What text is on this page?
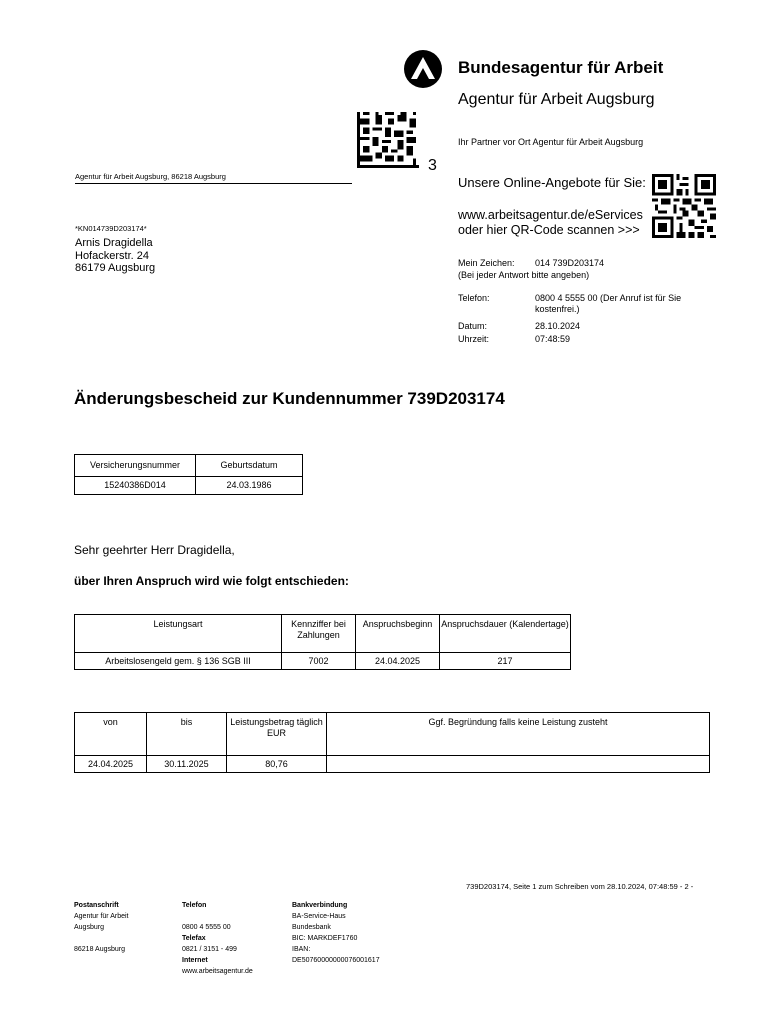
Bundesagentur für Arbeit
Agentur für Arbeit Augsburg
3
Ihr Partner vor Ort Agentur für Arbeit Augsburg
Unsere Online-Angebote für Sie:
www.arbeitsagentur.de/eServices
oder hier QR-Code scannen >>>
Agentur für Arbeit Augsburg, 86218 Augsburg
*KN014739D203174*
Arnis Dragidella
Hofackerstr. 24
86179 Augsburg	Mein Zeichen: 014 739D203174
(Bei jeder Antwort bitte angeben)
Telefon:	0800 4 5555 00 (Der Anruf ist für Sie
kostenfrei.)
Datum:	28.10.2024
Uhrzeit:	07:48:59
Änderungsbescheid zur Kundennummer 739D203174
Versicherungsnummer	Geburtsdatum
15240386D014	24.03.1986
Sehr geehrter Herr Dragidella,
über Ihren Anspruch wird wie folgt entschieden:
Leistungsart	Kennziffer bei Zahlungen	Anspruchsbeginn	Anspruchsdauer (Kalendertage)
Arbeitslosengeld gem. § 136 SGB III	7002	24.04.2025	217
von	bis	Leistungsbetrag täglich EUR	Ggf. Begründung falls keine Leistung zusteht
24.04.2025	30.11.2025	80,76	
739D203174, Seite 1 zum Schreiben vom 28.10.2024, 07:48:59 - 2 -
Postanschrift
Agentur für Arbeit
Augsburg
86218 Augsburg
Telefon
0800 4 5555 00
Telefax
0821 / 3151 - 499
Internet
www.arbeitsagentur.de
Bankverbindung
BA-Service-Haus
Bundesbank
BIC: MARKDEF1760
IBAN:
DE50760000000076001617
